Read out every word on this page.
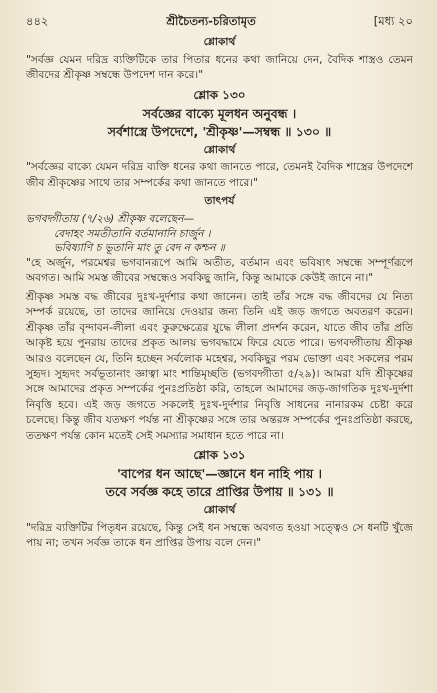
৪৪২	শ্রীচৈতন্য-চরিতামৃত	[মধ্য ২০
শ্লোকার্থ
"সর্বজ্ঞ যেমন দরিদ্র ব্যক্তিটিকে তার পিতার ধনের কথা জানিয়ে দেন, বৈদিক শাস্ত্রও তেমন জীবদের শ্রীকৃষ্ণ সম্বন্ধে উপদেশ দান করে।"
শ্লোক ১৩০
সর্বজ্ঞের বাক্যে মূলধন অনুবন্ধ ।
সর্বশাস্ত্রে উপদেশে, 'শ্রীকৃষ্ণ'—সম্বন্ধ ॥ ১৩০ ॥
শ্লোকার্থ
"সর্বজ্ঞের বাক্যে যেমন দরিদ্র ব্যক্তি ধনের কথা জানতে পারে, তেমনই বৈদিক শাস্ত্রের উপদেশে জীব শ্রীকৃষ্ণের সাথে তার সম্পর্কের কথা জানতে পারে।"
তাৎপর্য
ভগবদ্গীতায় (৭/২৬) শ্রীকৃষ্ণ বলেছেন—
বেদাহং সমতীতানি বর্তমানানি চার্জুন ।
ভবিষ্যাণি চ ভূতানি মাং তু বেদ ন কশ্চন ॥
"হে অর্জুন, পরমেশ্বর ভগবানরূপে আমি অতীত, বর্তমান এবং ভবিষ্যৎ সম্বন্ধে সম্পূর্ণরূপে অবগত। আমি সমস্ত জীবের সম্বন্ধেও সবকিছু জানি, কিন্তু আমাকে কেউই জানে না।"
শ্রীকৃষ্ণ সমস্ত বদ্ধ জীবের দুঃখ-দুর্দশার কথা জানেন। তাই তাঁর সঙ্গে বদ্ধ জীবদের যে নিত্য সম্পর্ক রয়েছে, তা তাদের জানিয়ে দেওয়ার জন্য তিনি এই জড় জগতে অবতরণ করেন। শ্রীকৃষ্ণ তাঁর বৃন্দাবন-লীলা এবং কুরুক্ষেত্রের যুদ্ধে লীলা প্রদর্শন করেন, যাতে জীব তাঁর প্রতি আকৃষ্ট হয়ে পুনরায় তাদের প্রকৃত আলয় ভগবদ্ধামে ফিরে যেতে পারে। ভগবদ্গীতায় শ্রীকৃষ্ণ আরও বলেছেন যে, তিনি হচ্ছেন সর্বলোক মহেশ্বর, সবকিছুর পরম ভোক্তা এবং সকলের পরম সুহৃদ। সুহৃদং সর্বভূতানাং জ্ঞাত্বা মাং শান্তিমৃচ্ছতি (ভগবদ্গীতা ৫/২৯)। আমরা যদি শ্রীকৃষ্ণের সঙ্গে আমাদের প্রকৃত সম্পর্কের পুনঃপ্রতিষ্ঠা করি, তাহলে আমাদের জড়-জাগতিক দুঃখ-দুর্দশা নিবৃত্তি হবে। এই জড় জগতে সকলেই দুঃখ-দুর্দশার নিবৃত্তি সাধনের নানারকম চেষ্টা করে চলেছে। কিন্তু জীব যতক্ষণ পর্যন্ত না শ্রীকৃষ্ণের সঙ্গে তার অন্তরঙ্গ সম্পর্কের পুনঃপ্রতিষ্ঠা করছে, ততক্ষণ পর্যন্ত কোন মতেই সেই সমস্যার সমাধান হতে পারে না।
শ্লোক ১৩১
'বাপের ধন আছে'—জ্ঞানে ধন নাহি পায় ।
তবে সর্বজ্ঞ কহে তারে প্রাপ্তির উপায় ॥ ১৩১ ॥
শ্লোকার্থ
"দরিদ্র ব্যক্তিটির পিতৃধন রয়েছে, কিন্তু সেই ধন সম্বন্ধে অবগত হওয়া সত্ত্বেও সে ধনটি খুঁজে পায় না; তখন সর্বজ্ঞ তাকে ধন প্রাপ্তির উপায় বলে দেন।"
